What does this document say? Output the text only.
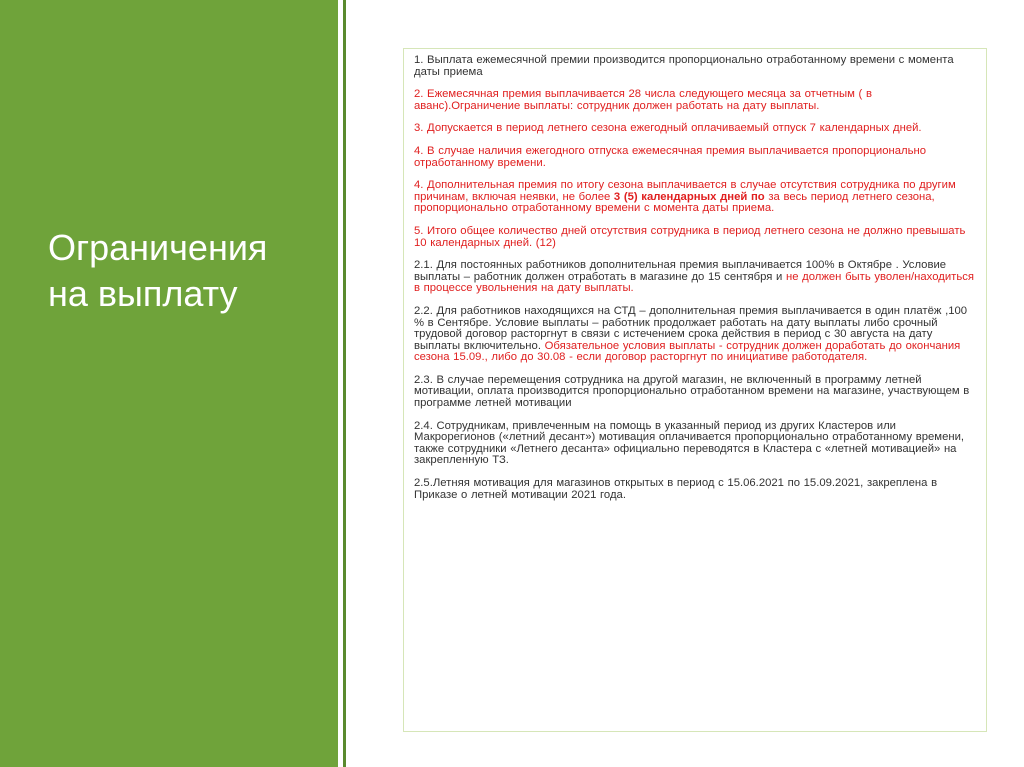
Ограничения
на выплату

1. Выплата ежемесячной премии производится пропорционально отработанному времени с момента даты приема

2. Ежемесячная премия выплачивается 28 числа следующего месяца за отчетным ( в аванс).Ограничение выплаты: сотрудник должен работать на дату выплаты.

3. Допускается в период летнего сезона ежегодный оплачиваемый отпуск 7 календарных дней.

4. В случае наличия ежегодного отпуска ежемесячная премия выплачивается пропорционально отработанному времени.

4. Дополнительная премия по итогу сезона выплачивается в случае отсутствия сотрудника по другим причинам, включая неявки, не более 3 (5) календарных дней по за весь период летнего сезона, пропорционально отработанному времени с момента даты приема.

5. Итого общее количество дней отсутствия сотрудника в период летнего сезона не должно превышать 10 календарных дней. (12)

2.1. Для постоянных работников дополнительная премия выплачивается 100% в Октябре . Условие выплаты – работник должен отработать в магазине до 15 сентября и не должен быть уволен/находиться в процессе увольнения на дату выплаты.

2.2. Для работников находящихся на СТД – дополнительная премия выплачивается в один платёж ,100 % в Сентябре. Условие выплаты – работник продолжает работать на дату выплаты либо срочный трудовой договор расторгнут в связи с истечением срока действия в период с 30 августа на дату выплаты включительно. Обязательное условия выплаты - сотрудник должен доработать до окончания сезона 15.09., либо до 30.08 - если договор расторгнут по инициативе работодателя.

2.3. В случае перемещения сотрудника на другой магазин, не включенный в программу летней мотивации, оплата производится пропорционально отработанном времени на магазине, участвующем в программе летней мотивации

2.4. Сотрудникам, привлеченным на помощь в указанный период из других Кластеров или Макрорегионов («летний десант») мотивация оплачивается пропорционально отработанному времени, также сотрудники «Летнего десанта» официально переводятся в Кластера с «летней мотивацией» на закрепленную ТЗ.

2.5.Летняя мотивация для магазинов открытых в период с 15.06.2021 по 15.09.2021, закреплена в Приказе о летней мотивации 2021 года.
